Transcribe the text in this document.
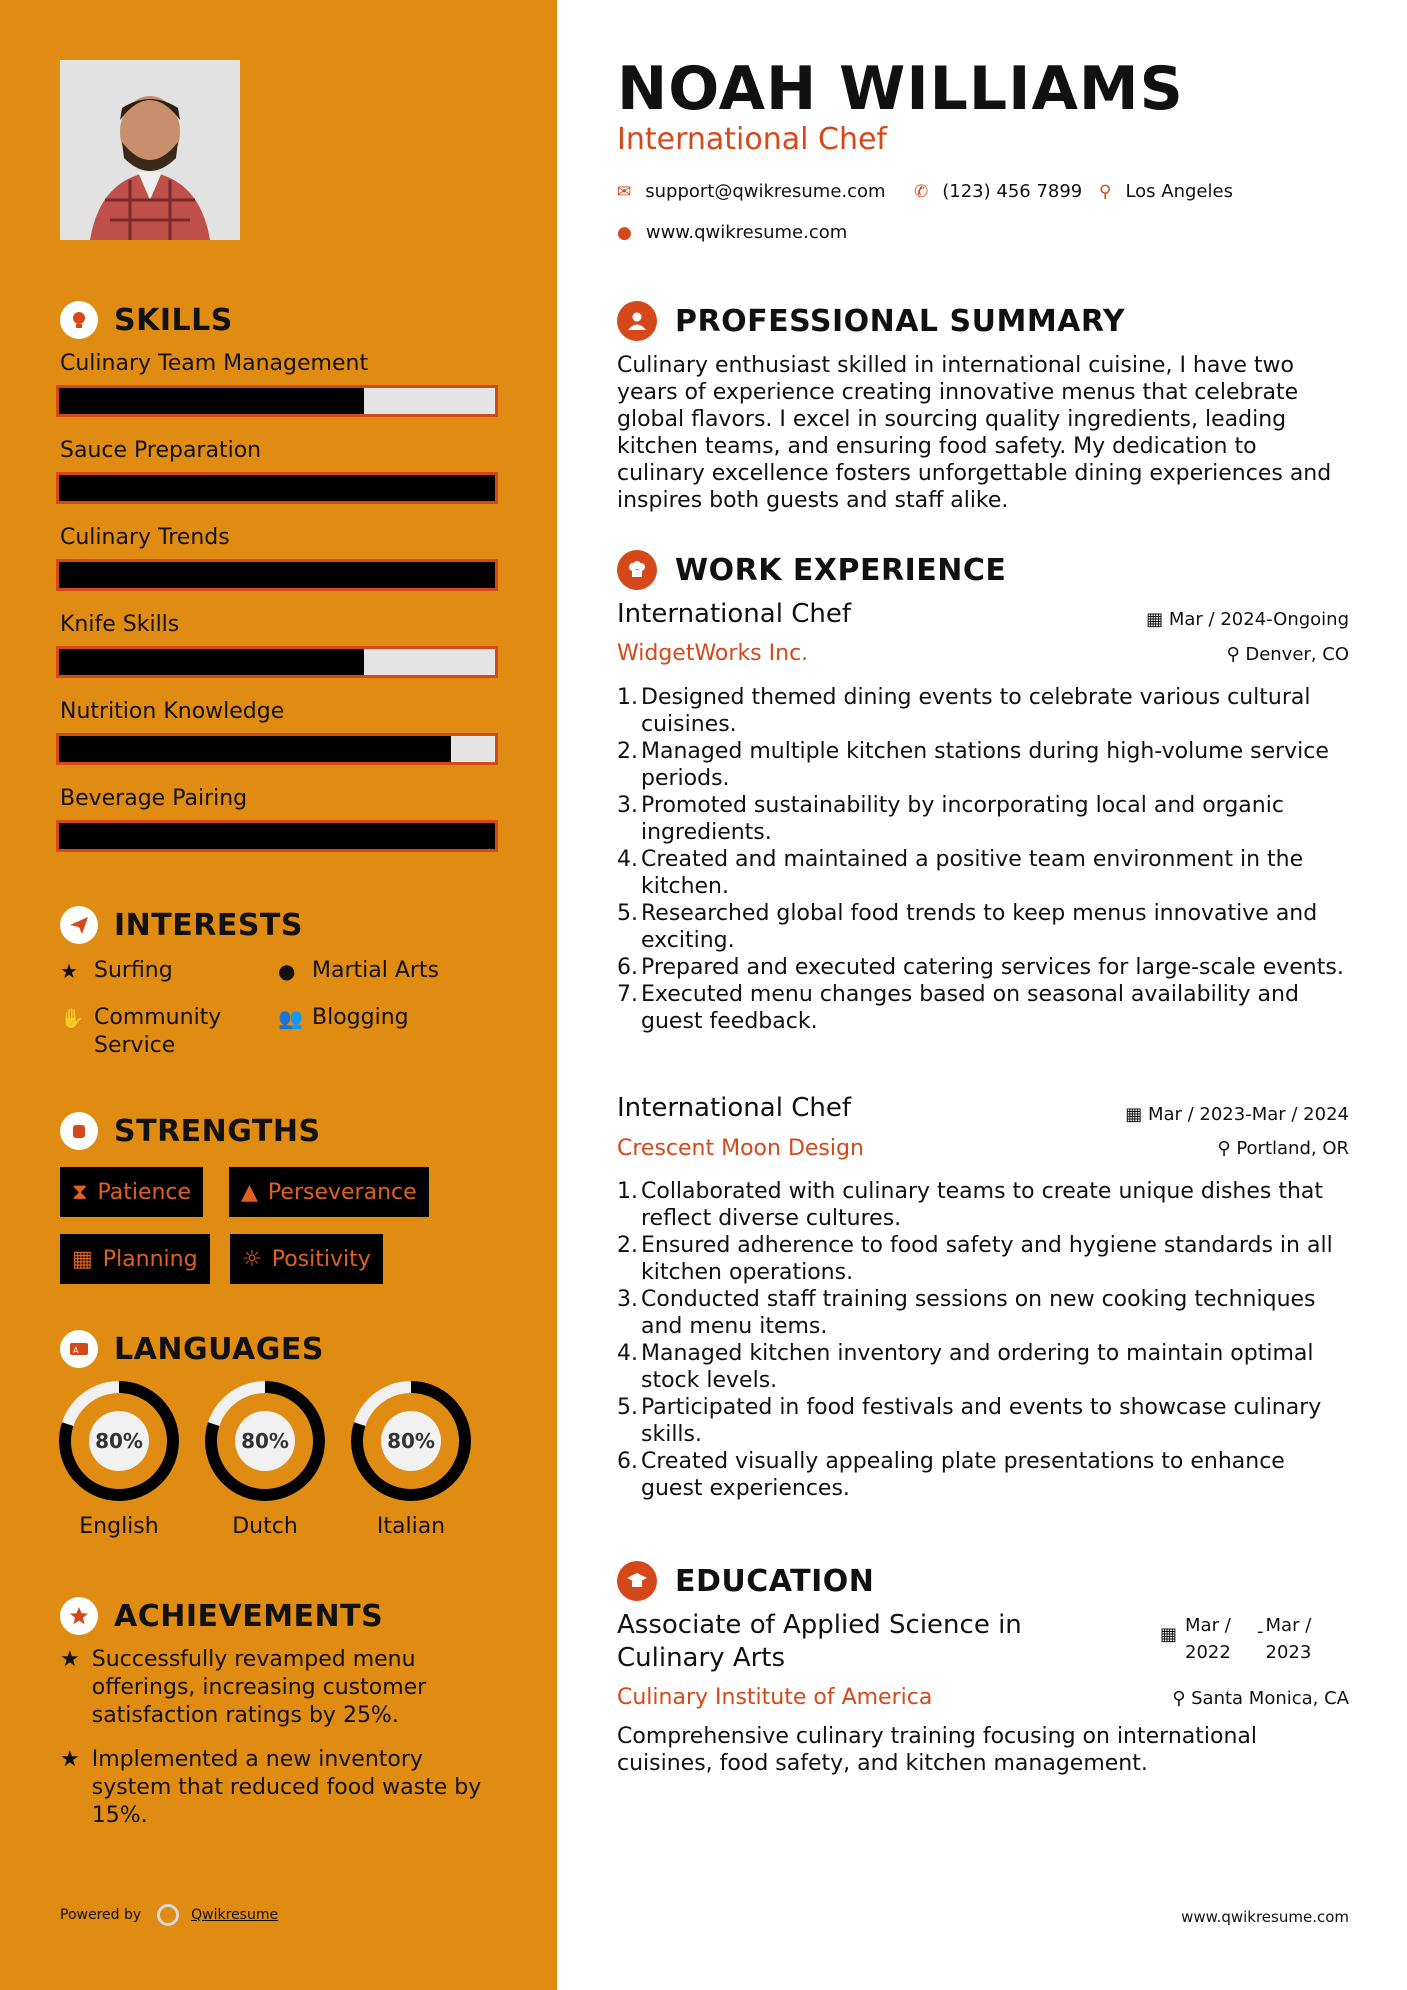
SKILLS
Culinary Team Management
Sauce Preparation
Culinary Trends
Knife Skills
Nutrition Knowledge
Beverage Pairing
INTERESTS
★ Surfing	● Martial Arts
✋ Community Service
👥 Blogging
STRENGTHS
⧗ Patience ▲ Perseverance
▦ Planning ☼ Positivity
A LANGUAGES
80%
English
80%
Dutch
80%
Italian
ACHIEVEMENTS
★ Successfully revamped menu offerings, increasing customer satisfaction ratings by 25%.
★ Implemented a new inventory system that reduced food waste by 15%.
Powered by	Qwikresume
NOAH WILLIAMS
International Chef
✉ support@qwikresume.com ✆ (123) 456 7899 ⚲ Los Angeles
● www.qwikresume.com
PROFESSIONAL SUMMARY
Culinary enthusiast skilled in international cuisine, I have two years of experience creating innovative menus that celebrate global flavors. I excel in sourcing quality ingredients, leading kitchen teams, and ensuring food safety. My dedication to culinary excellence fosters unforgettable dining experiences and inspires both guests and staff alike.
WORK EXPERIENCE
International Chef	▦ Mar / 2024-Ongoing
WidgetWorks Inc.	⚲ Denver, CO
1. Designed themed dining events to celebrate various cultural cuisines.
2. Managed multiple kitchen stations during high-volume service periods.
3. Promoted sustainability by incorporating local and organic ingredients.
4. Created and maintained a positive team environment in the kitchen.
5. Researched global food trends to keep menus innovative and exciting.
6. Prepared and executed catering services for large-scale events.
7. Executed menu changes based on seasonal availability and guest feedback.
International Chef	▦ Mar / 2023-Mar / 2024
Crescent Moon Design	⚲ Portland, OR
1. Collaborated with culinary teams to create unique dishes that reflect diverse cultures.
2. Ensured adherence to food safety and hygiene standards in all kitchen operations.
3. Conducted staff training sessions on new cooking techniques and menu items.
4. Managed kitchen inventory and ordering to maintain optimal stock levels.
5. Participated in food festivals and events to showcase culinary skills.
6. Created visually appealing plate presentations to enhance guest experiences.
EDUCATION
Associate of Applied Science in Culinary Arts
▦ Mar / 2022
- Mar / 2023
Culinary Institute of America	⚲ Santa Monica, CA
Comprehensive culinary training focusing on international cuisines, food safety, and kitchen management.
www.qwikresume.com
